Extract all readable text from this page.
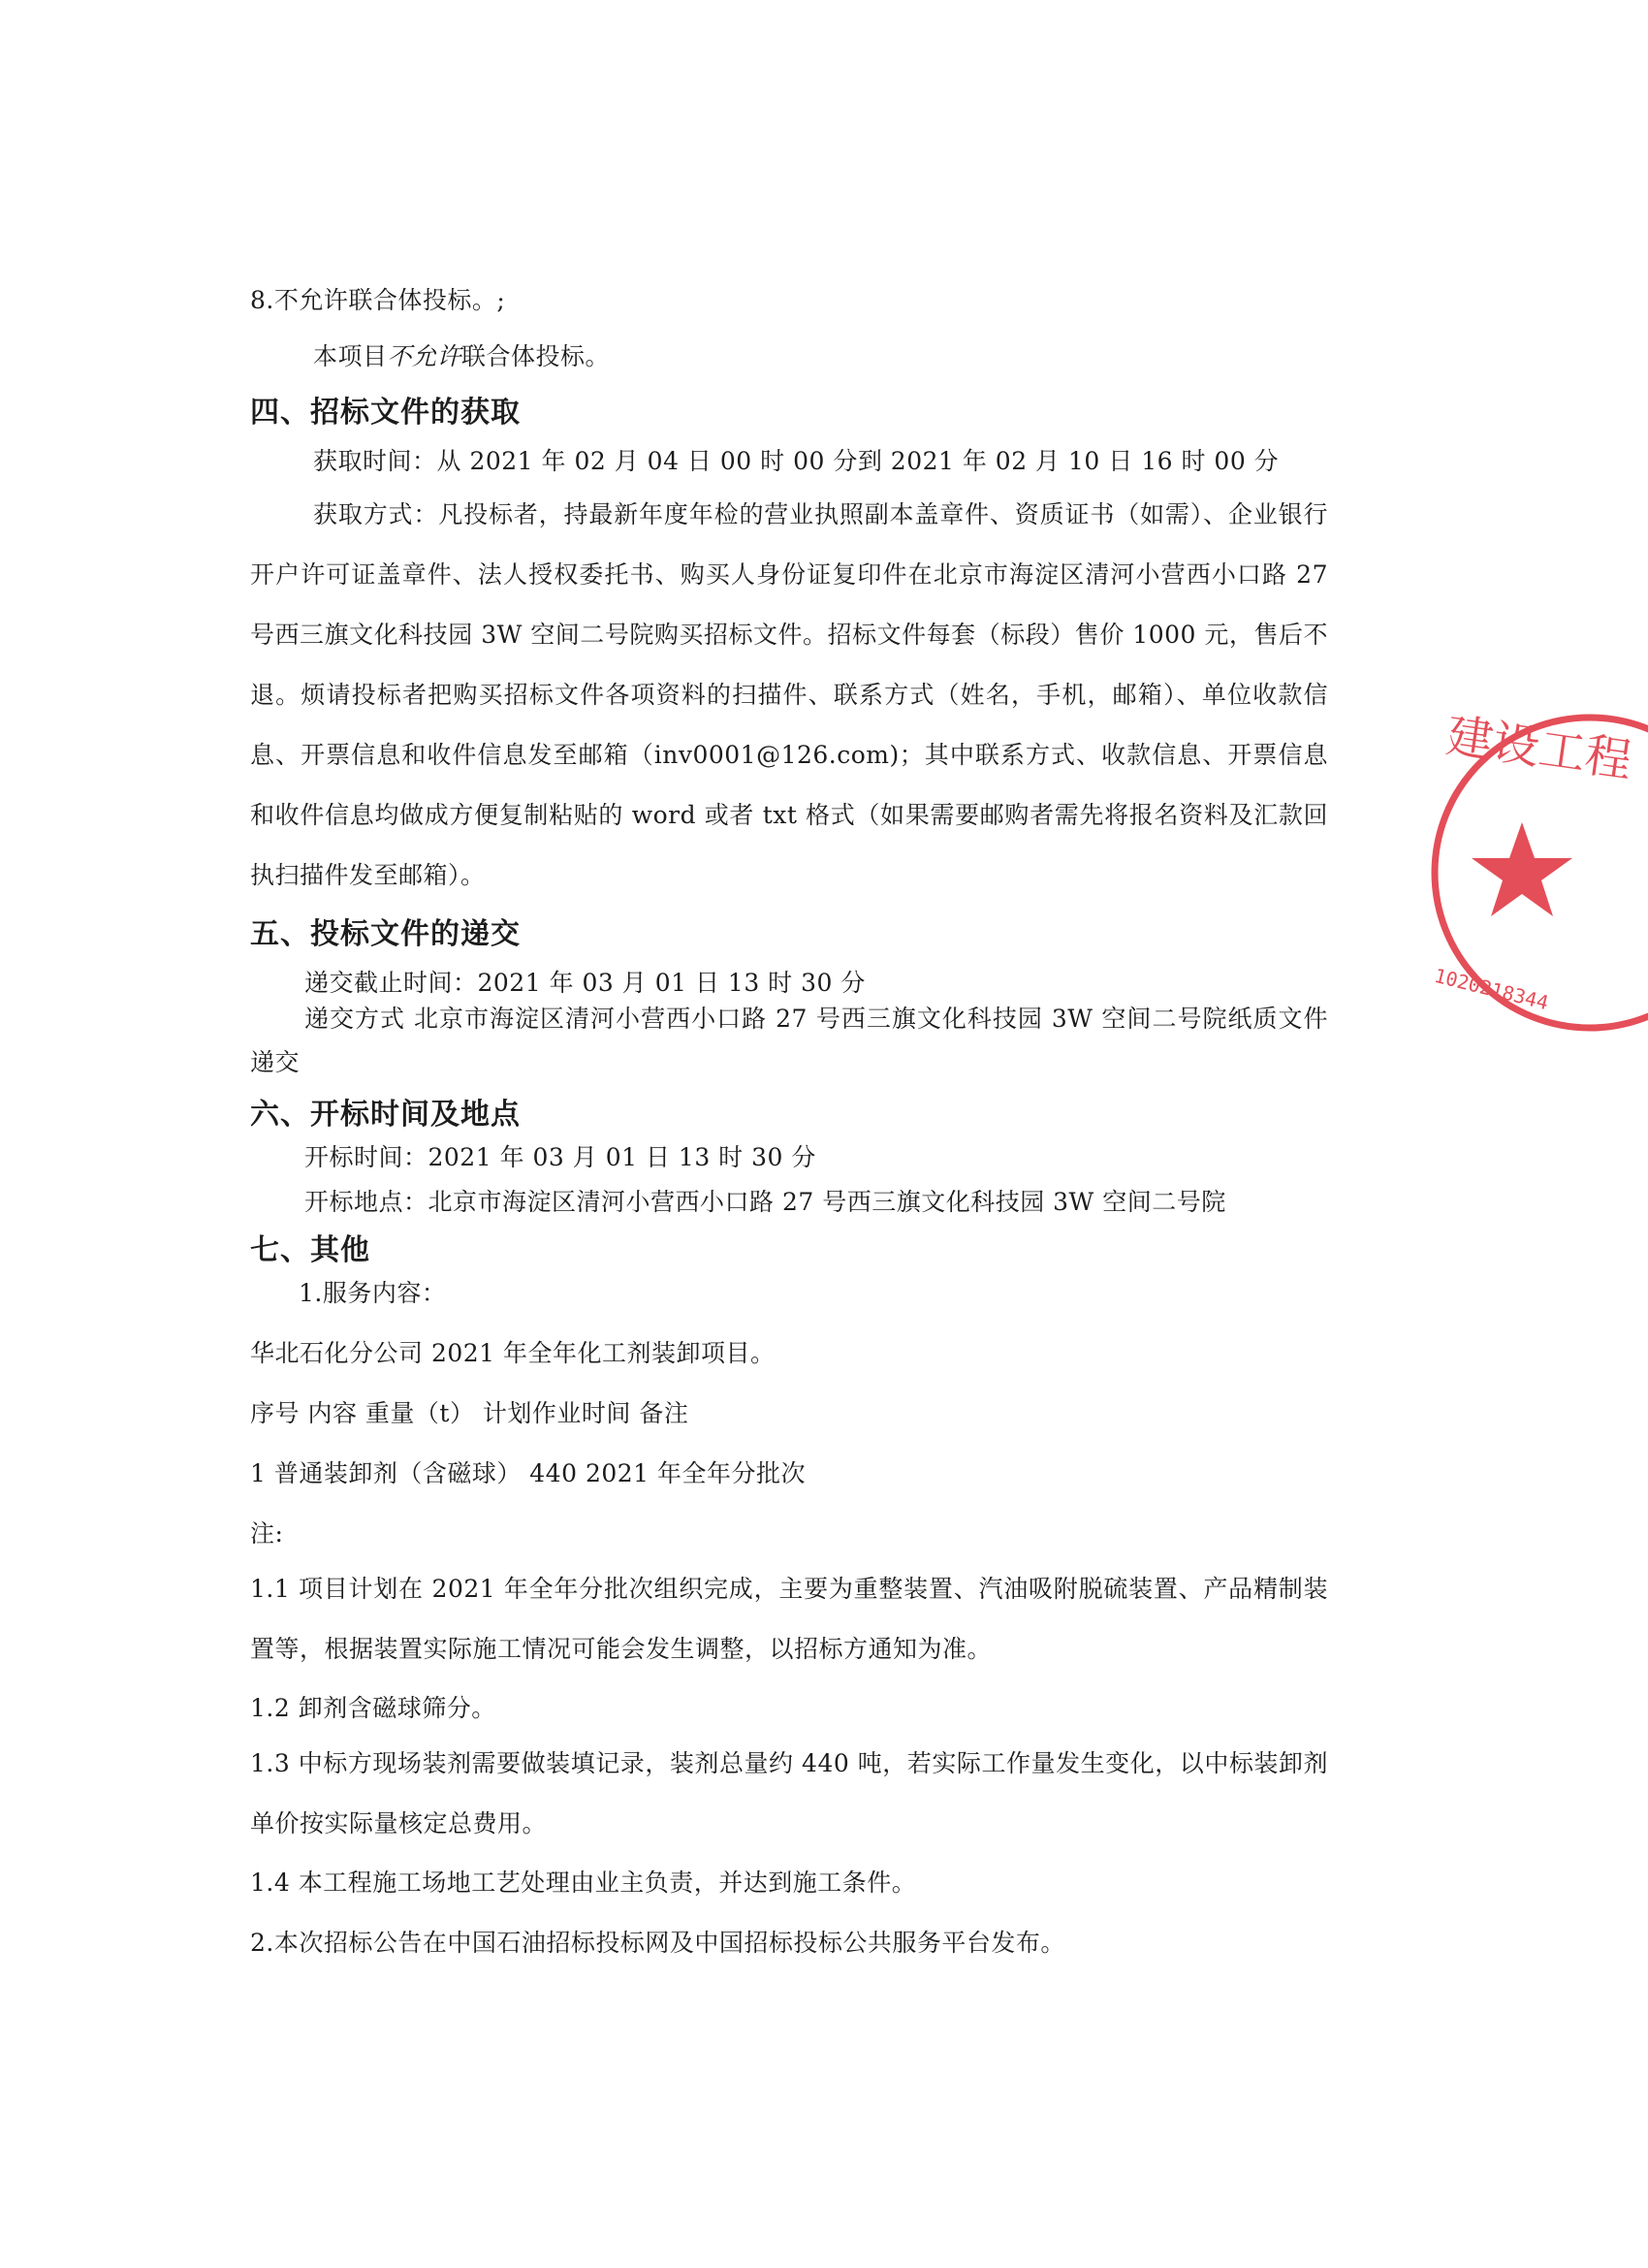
8.不允许联合体投标。;

本项目不允许联合体投标。

四、招标文件的获取

获取时间：从 2021 年 02 月 04 日 00 时 00 分到 2021 年 02 月 10 日 16 时 00 分

获取方式：凡投标者，持最新年度年检的营业执照副本盖章件、资质证书（如需）、企业银行开户许可证盖章件、法人授权委托书、购买人身份证复印件在北京市海淀区清河小营西小口路 27 号西三旗文化科技园 3W 空间二号院购买招标文件。招标文件每套（标段）售价 1000 元，售后不退。烦请投标者把购买招标文件各项资料的扫描件、联系方式（姓名，手机，邮箱）、单位收款信息、开票信息和收件信息发至邮箱（inv0001@126.com)；其中联系方式、收款信息、开票信息和收件信息均做成方便复制粘贴的 word 或者 txt 格式（如果需要邮购者需先将报名资料及汇款回执扫描件发至邮箱）。

五、投标文件的递交

递交截止时间：2021 年 03 月 01 日 13 时 30 分

递交方式 北京市海淀区清河小营西小口路 27 号西三旗文化科技园 3W 空间二号院纸质文件递交

六、开标时间及地点

开标时间：2021 年 03 月 01 日 13 时 30 分

开标地点：北京市海淀区清河小营西小口路 27 号西三旗文化科技园 3W 空间二号院

七、其他

1.服务内容：

华北石化分公司 2021 年全年化工剂装卸项目。

序号 内容 重量（t） 计划作业时间 备注

1 普通装卸剂（含磁球） 440 2021 年全年分批次

注:

1.1 项目计划在 2021 年全年分批次组织完成，主要为重整装置、汽油吸附脱硫装置、产品精制装置等，根据装置实际施工情况可能会发生调整，以招标方通知为准。

1.2 卸剂含磁球筛分。

1.3 中标方现场装剂需要做装填记录，装剂总量约 440 吨，若实际工作量发生变化，以中标装卸剂单价按实际量核定总费用。

1.4 本工程施工场地工艺处理由业主负责，并达到施工条件。

2.本次招标公告在中国石油招标投标网及中国招标投标公共服务平台发布。

建设工程
1020218344
